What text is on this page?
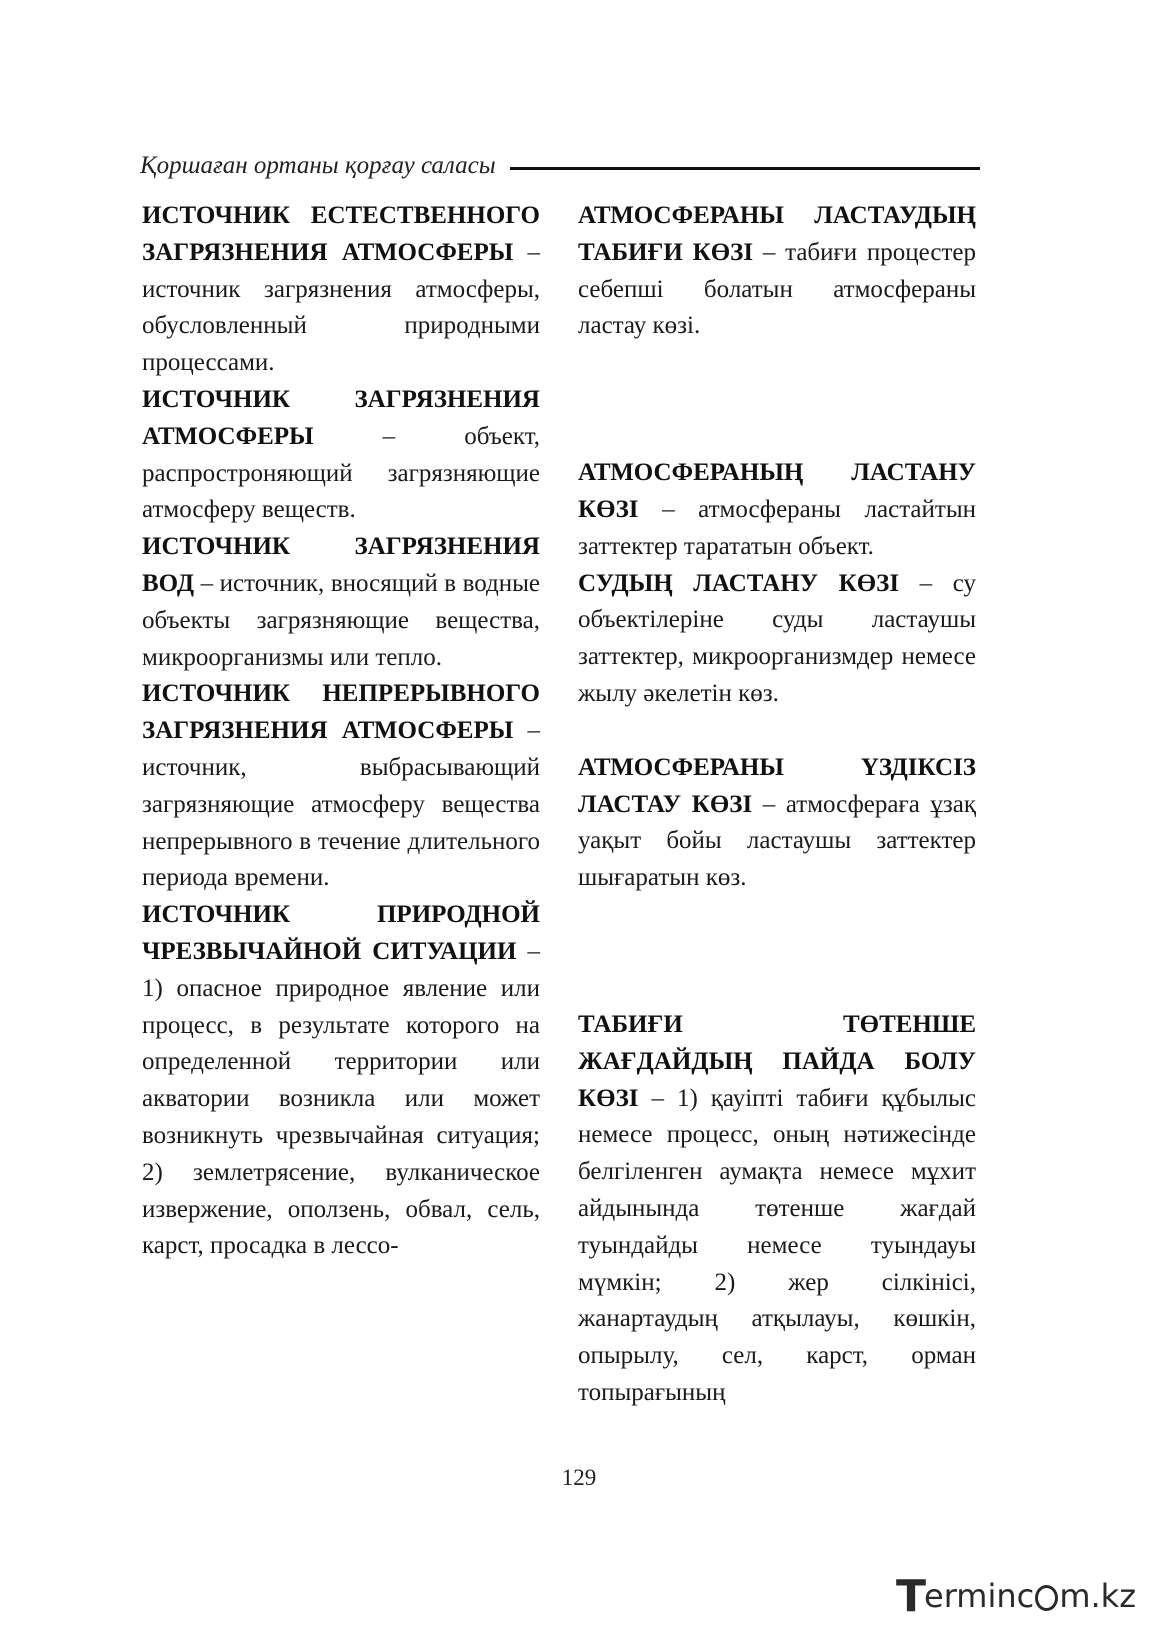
Қоршаған ортаны қорғау саласы

ИСТОЧНИК ЕСТЕСТВЕННОГО ЗАГРЯЗНЕНИЯ АТМОСФЕРЫ – источник загрязнения атмосферы, обусловленный природными процессами.

ИСТОЧНИК ЗАГРЯЗНЕНИЯ АТМОСФЕРЫ – объект, распростроняющий загрязняющие атмосферу веществ.

ИСТОЧНИК ЗАГРЯЗНЕНИЯ ВОД – источник, вносящий в водные объекты загрязняющие вещества, микроорганизмы или тепло.

ИСТОЧНИК НЕПРЕРЫВНОГО ЗАГРЯЗНЕНИЯ АТМОСФЕРЫ – источник, выбрасывающий загрязняющие атмосферу вещества непрерывного в течение длительного периода времени.

ИСТОЧНИК ПРИРОДНОЙ ЧРЕЗВЫЧАЙНОЙ СИТУАЦИИ – 1) опасное природное явление или процесс, в результате которого на определенной территории или акватории возникла или может возникнуть чрезвычайная ситуация; 2) землетрясение, вулканическое извержение, оползень, обвал, сель, карст, просадка в лессо-

АТМОСФЕРАНЫ ЛАСТАУДЫҢ ТАБИҒИ КӨЗІ – табиғи процестер себепші болатын атмосфераны ластау көзі.

АТМОСФЕРАНЫҢ ЛАСТАНУ КӨЗІ – атмосфераны ластайтын заттектер тарататын объект.

СУДЫҢ ЛАСТАНУ КӨЗІ – су объектілеріне суды ластаушы заттектер, микроорганизмдер немесе жылу әкелетін көз.

АТМОСФЕРАНЫ ҮЗДІКСІЗ ЛАСТАУ КӨЗІ – атмосфераға ұзақ уақыт бойы ластаушы заттектер шығаратын көз.

ТАБИҒИ ТӨТЕНШЕ ЖАҒДАЙДЫҢ ПАЙДА БОЛУ КӨЗІ – 1) қауіпті табиғи құбылыс немесе процесс, оның нәтижесінде белгіленген аумақта немесе мұхит айдынында төтенше жағдай туындайды немесе туындауы мүмкін; 2) жер сілкінісі, жанартаудың атқылауы, көшкін, опырылу, сел, карст, орман топырағының

129
T
erminc m.kz
